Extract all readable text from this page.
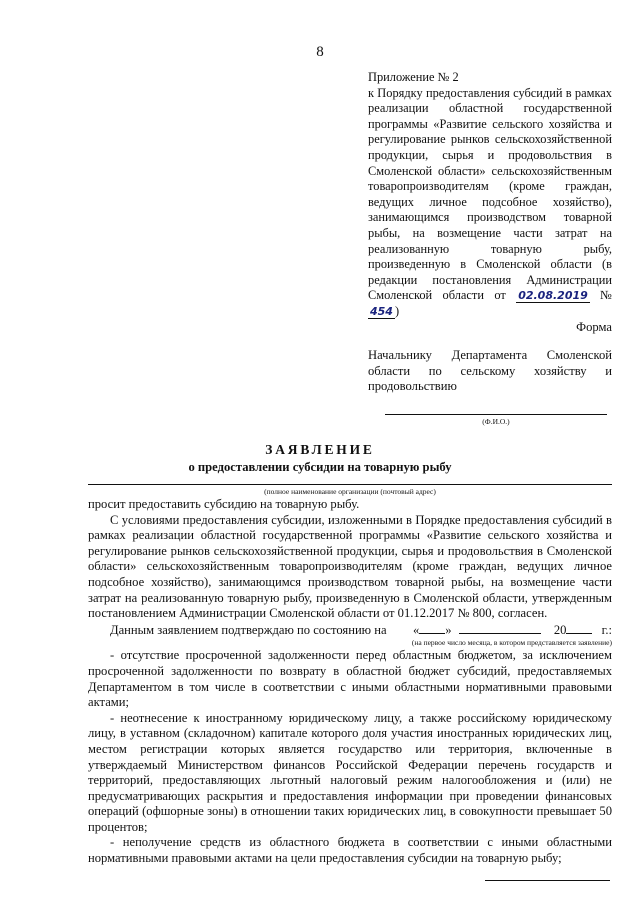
8
Приложение № 2
к Порядку предоставления субсидий в рамках реализации областной государственной программы «Развитие сельского хозяйства и регулирование рынков сельскохозяйственной продукции, сырья и продовольствия в Смоленской области» сельскохозяйственным товаропроизводителям (кроме граждан, ведущих личное подсобное хозяйство), занимающимся производством товарной рыбы, на возмещение части затрат на реализованную товарную рыбу, произведенную в Смоленской области (в редакции постановления Администрации Смоленской области от 02.08.2019 № 454 )
Форма
Начальнику Департамента Смоленской области по сельскому хозяйству и продовольствию
(Ф.И.О.)
ЗАЯВЛЕНИЕ
о предоставлении субсидии на товарную рыбу
(полное наименование организации (почтовый адрес)

просит предоставить субсидию на товарную рыбу.

С условиями предоставления субсидии, изложенными в Порядке предоставления субсидий в рамках реализации областной государственной программы «Развитие сельского хозяйства и регулирование рынков сельскохозяйственной продукции, сырья и продовольствия в Смоленской области» сельскохозяйственным товаропроизводителям (кроме граждан, ведущих личное подсобное хозяйство), занимающимся производством товарной рыбы, на возмещение части затрат на реализованную товарную рыбу, произведенную в Смоленской области, утвержденным постановлением Администрации Смоленской области от 01.12.2017 № 800, согласен.

Данным заявлением подтверждаю по состоянию на « »	20	г.:
(на первое число месяца, в котором представляется заявление)

- отсутствие просроченной задолженности перед областным бюджетом, за исключением просроченной задолженности по возврату в областной бюджет субсидий, предоставляемых Департаментом в том числе в соответствии с иными областными нормативными правовыми актами;

- неотнесение к иностранному юридическому лицу, а также российскому юридическому лицу, в уставном (складочном) капитале которого доля участия иностранных юридических лиц, местом регистрации которых является государство или территория, включенные в утверждаемый Министерством финансов Российской Федерации перечень государств и территорий, предоставляющих льготный налоговый режим налогообложения и (или) не предусматривающих раскрытия и предоставления информации при проведении финансовых операций (офшорные зоны) в отношении таких юридических лиц, в совокупности превышает 50 процентов;

- неполучение средств из областного бюджета в соответствии с иными областными нормативными правовыми актами на цели предоставления субсидии на товарную рыбу;
